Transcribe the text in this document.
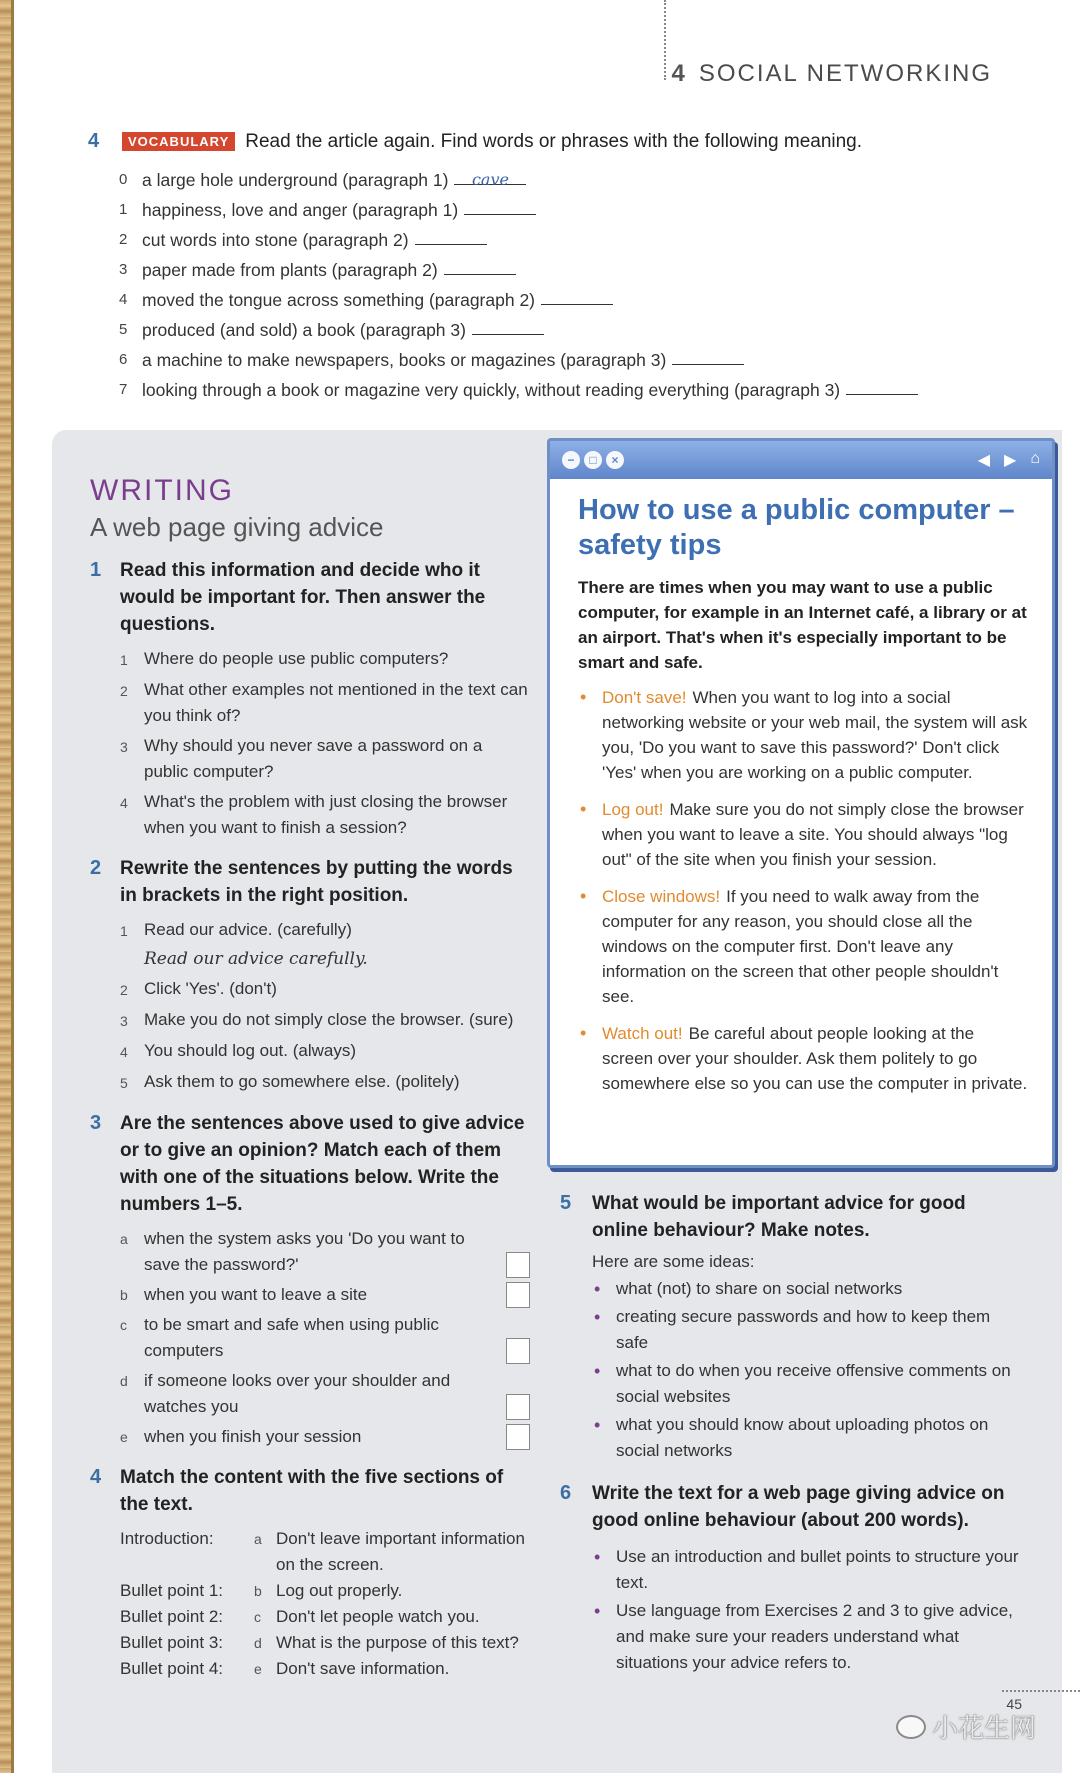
4 SOCIAL NETWORKING
4	VOCABULARY Read the article again. Find words or phrases with the following meaning.
0 a large hole underground (paragraph 1)	cave
1 happiness, love and anger (paragraph 1)
2 cut words into stone (paragraph 2)
3 paper made from plants (paragraph 2)
4 moved the tongue across something (paragraph 2)
5 produced (and sold) a book (paragraph 3)
6 a machine to make newspapers, books or magazines (paragraph 3)
7 looking through a book or magazine very quickly, without reading everything (paragraph 3)
WRITING
A web page giving advice
1 Read this information and decide who it would be important for. Then answer the questions.
1 Where do people use public computers?
2 What other examples not mentioned in the text can you think of?
3 Why should you never save a password on a public computer?
4 What's the problem with just closing the browser when you want to finish a session?
2 Rewrite the sentences by putting the words in brackets in the right position.
1 Read our advice. (carefully)
Read our advice carefully.
2 Click 'Yes'. (don't)
3 Make you do not simply close the browser. (sure)
4 You should log out. (always)
5 Ask them to go somewhere else. (politely)
3 Are the sentences above used to give advice or to give an opinion? Match each of them with one of the situations below. Write the numbers 1–5.
a when the system asks you 'Do you want to save the password?'
b when you want to leave a site
c	to be smart and safe when using public computers
d if someone looks over your shoulder and watches you
e when you finish your session
4 Match the content with the five sections of the text.
Introduction:	a Don't leave important information on the screen.
Bullet point 1:	b Log out properly.
Bullet point 2:	c Don't let people watch you.
Bullet point 3:	d What is the purpose of this text?
Bullet point 4:	e Don't save information.
−	□	×	◀ ▶ ⌂
How to use a public computer – safety tips

There are times when you may want to use a public computer, for example in an Internet café, a library or at an airport. That's when it's especially important to be smart and safe.

• Don't save! When you want to log into a social networking website or your web mail, the system will ask you, 'Do you want to save this password?' Don't click 'Yes' when you are working on a public computer.
• Log out! Make sure you do not simply close the browser when you want to leave a site. You should always "log out" of the site when you finish your session.
• Close windows! If you need to walk away from the computer for any reason, you should close all the windows on the computer first. Don't leave any information on the screen that other people shouldn't see.
• Watch out! Be careful about people looking at the screen over your shoulder. Ask them politely to go somewhere else so you can use the computer in private.
5	What would be important advice for good online behaviour? Make notes.

Here are some ideas:

• what (not) to share on social networks
• creating secure passwords and how to keep them safe
• what to do when you receive offensive comments on social websites
• what you should know about uploading photos on social networks
6	Write the text for a web page giving advice on good online behaviour (about 200 words).
• Use an introduction and bullet points to structure your text.
• Use language from Exercises 2 and 3 to give advice, and make sure your readers understand what situations your advice refers to.
45
小花生网
